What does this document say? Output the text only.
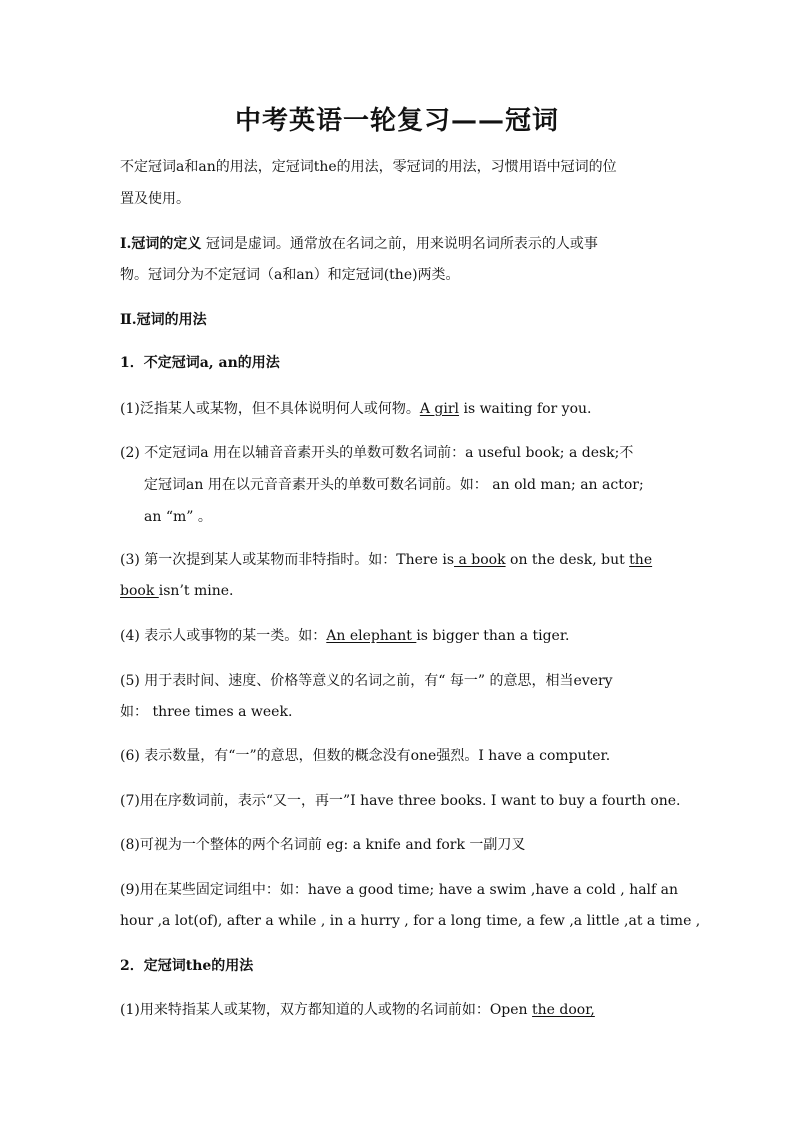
中考英语一轮复习——冠词
不定冠词a和an的用法，定冠词the的用法，零冠词的用法，习惯用语中冠词的位
置及使用。
Ⅰ.冠词的定义 冠词是虚词。通常放在名词之前，用来说明名词所表示的人或事
物。冠词分为不定冠词（a和an）和定冠词(the)两类。
Ⅱ.冠词的用法
1．不定冠词a, an的用法
(1)泛指某人或某物，但不具体说明何人或何物。A girl is waiting for you.
(2) 不定冠词a 用在以辅音音素开头的单数可数名词前：a useful book; a desk;不
定冠词an 用在以元音音素开头的单数可数名词前。如： an old man; an actor;
an “m” 。
(3) 第一次提到某人或某物而非特指时。如：There is a book on the desk, but the
book isn’t mine.
(4) 表示人或事物的某一类。如：An elephant is bigger than a tiger.
(5) 用于表时间、速度、价格等意义的名词之前，有“ 每一” 的意思，相当every
如： three times a week.
(6) 表示数量，有“一”的意思，但数的概念没有one强烈。I have a computer.
(7)用在序数词前，表示“又一，再一”I have three books. I want to buy a fourth one.
(8)可视为一个整体的两个名词前 eg: a knife and fork 一副刀叉
(9)用在某些固定词组中：如：have a good time; have a swim ,have a cold , half an
hour ,a lot(of), after a while , in a hurry , for a long time, a few ,a little ,at a time ,
2．定冠词the的用法
(1)用来特指某人或某物，双方都知道的人或物的名词前如：Open the door,
